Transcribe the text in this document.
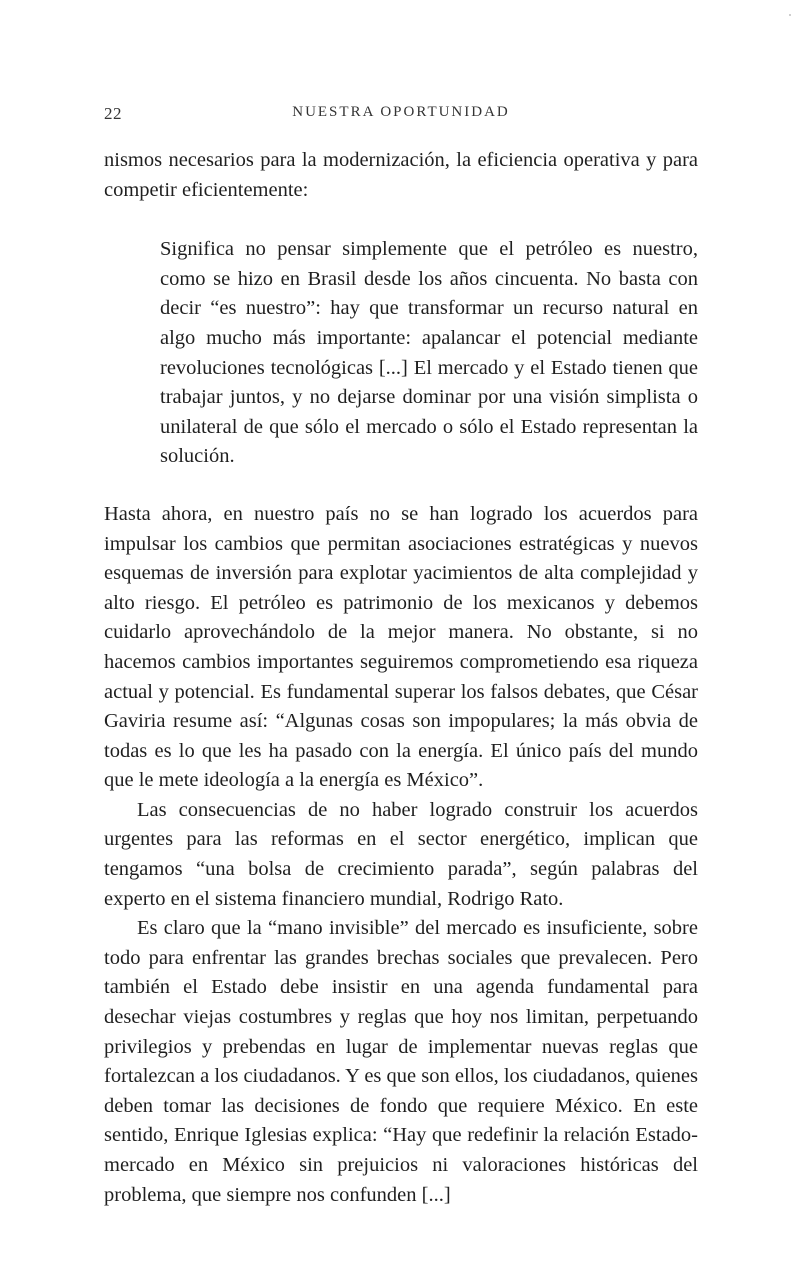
22	NUESTRA OPORTUNIDAD

nismos necesarios para la modernización, la eficiencia operativa y para competir eficientemente:

Significa no pensar simplemente que el petróleo es nuestro, como se hizo en Brasil desde los años cincuenta. No basta con decir “es nuestro”: hay que transformar un recurso natural en algo mucho más importante: apalancar el potencial mediante revoluciones tecnológicas [...] El mercado y el Estado tienen que trabajar juntos, y no dejarse dominar por una visión simplista o unilateral de que sólo el mercado o sólo el Estado representan la solución.

Hasta ahora, en nuestro país no se han logrado los acuerdos para impulsar los cambios que permitan asociaciones estratégicas y nuevos esquemas de inversión para explotar yacimientos de alta complejidad y alto riesgo. El petróleo es patrimonio de los mexicanos y debemos cuidarlo aprovechándolo de la mejor manera. No obstante, si no hacemos cambios importantes seguiremos comprometiendo esa riqueza actual y potencial. Es fundamental superar los falsos debates, que César Gaviria resume así: “Algunas cosas son impopulares; la más obvia de todas es lo que les ha pasado con la energía. El único país del mundo que le mete ideología a la energía es México”.

Las consecuencias de no haber logrado construir los acuerdos urgentes para las reformas en el sector energético, implican que tengamos “una bolsa de crecimiento parada”, según palabras del experto en el sistema financiero mundial, Rodrigo Rato.

Es claro que la “mano invisible” del mercado es insuficiente, sobre todo para enfrentar las grandes brechas sociales que prevalecen. Pero también el Estado debe insistir en una agenda fundamental para desechar viejas costumbres y reglas que hoy nos limitan, perpetuando privilegios y prebendas en lugar de implementar nuevas reglas que fortalezcan a los ciudadanos. Y es que son ellos, los ciudadanos, quienes deben tomar las decisiones de fondo que requiere México. En este sentido, Enrique Iglesias explica: “Hay que redefinir la relación Estado-mercado en México sin prejuicios ni valoraciones históricas del problema, que siempre nos confunden [...]
